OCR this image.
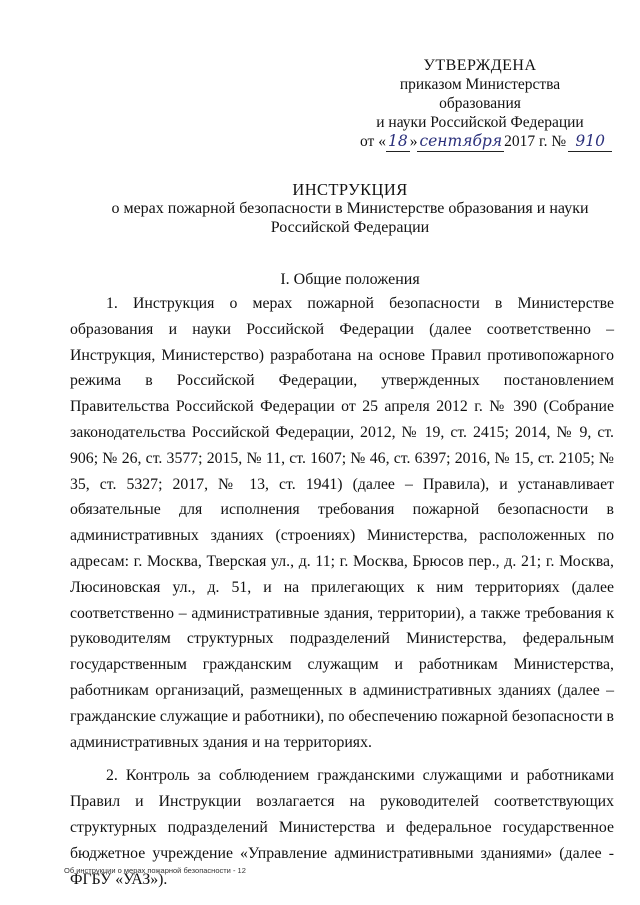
УТВЕРЖДЕНА
приказом Министерства образования
и науки Российской Федерации
от « 18 » сентября 2017 г. № 910
ИНСТРУКЦИЯ
о мерах пожарной безопасности в Министерстве образования и науки
Российской Федерации
I. Общие положения

1. Инструкция о мерах пожарной безопасности в Министерстве образования и науки Российской Федерации (далее соответственно – Инструкция, Министерство) разработана на основе Правил противопожарного режима в Российской Федерации, утвержденных постановлением Правительства Российской Федерации от 25 апреля 2012 г. № 390 (Собрание законодательства Российской Федерации, 2012, № 19, ст. 2415; 2014, № 9, ст. 906; № 26, ст. 3577; 2015, № 11, ст. 1607; № 46, ст. 6397; 2016, № 15, ст. 2105; № 35, ст. 5327; 2017, № 13, ст. 1941) (далее – Правила), и устанавливает обязательные для исполнения требования пожарной безопасности в административных зданиях (строениях) Министерства, расположенных по адресам: г. Москва, Тверская ул., д. 11; г. Москва, Брюсов пер., д. 21; г. Москва, Люсиновская ул., д. 51, и на прилегающих к ним территориях (далее соответственно – административные здания, территории), а также требования к руководителям структурных подразделений Министерства, федеральным государственным гражданским служащим и работникам Министерства, работникам организаций, размещенных в административных зданиях (далее – гражданские служащие и работники), по обеспечению пожарной безопасности в административных здания и на территориях.

2. Контроль за соблюдением гражданскими служащими и работниками Правил и Инструкции возлагается на руководителей соответствующих структурных подразделений Министерства и федеральное государственное бюджетное учреждение «Управление административными зданиями» (далее - ФГБУ «УАЗ»).

Об инструкции о мерах пожарной безопасности - 12
